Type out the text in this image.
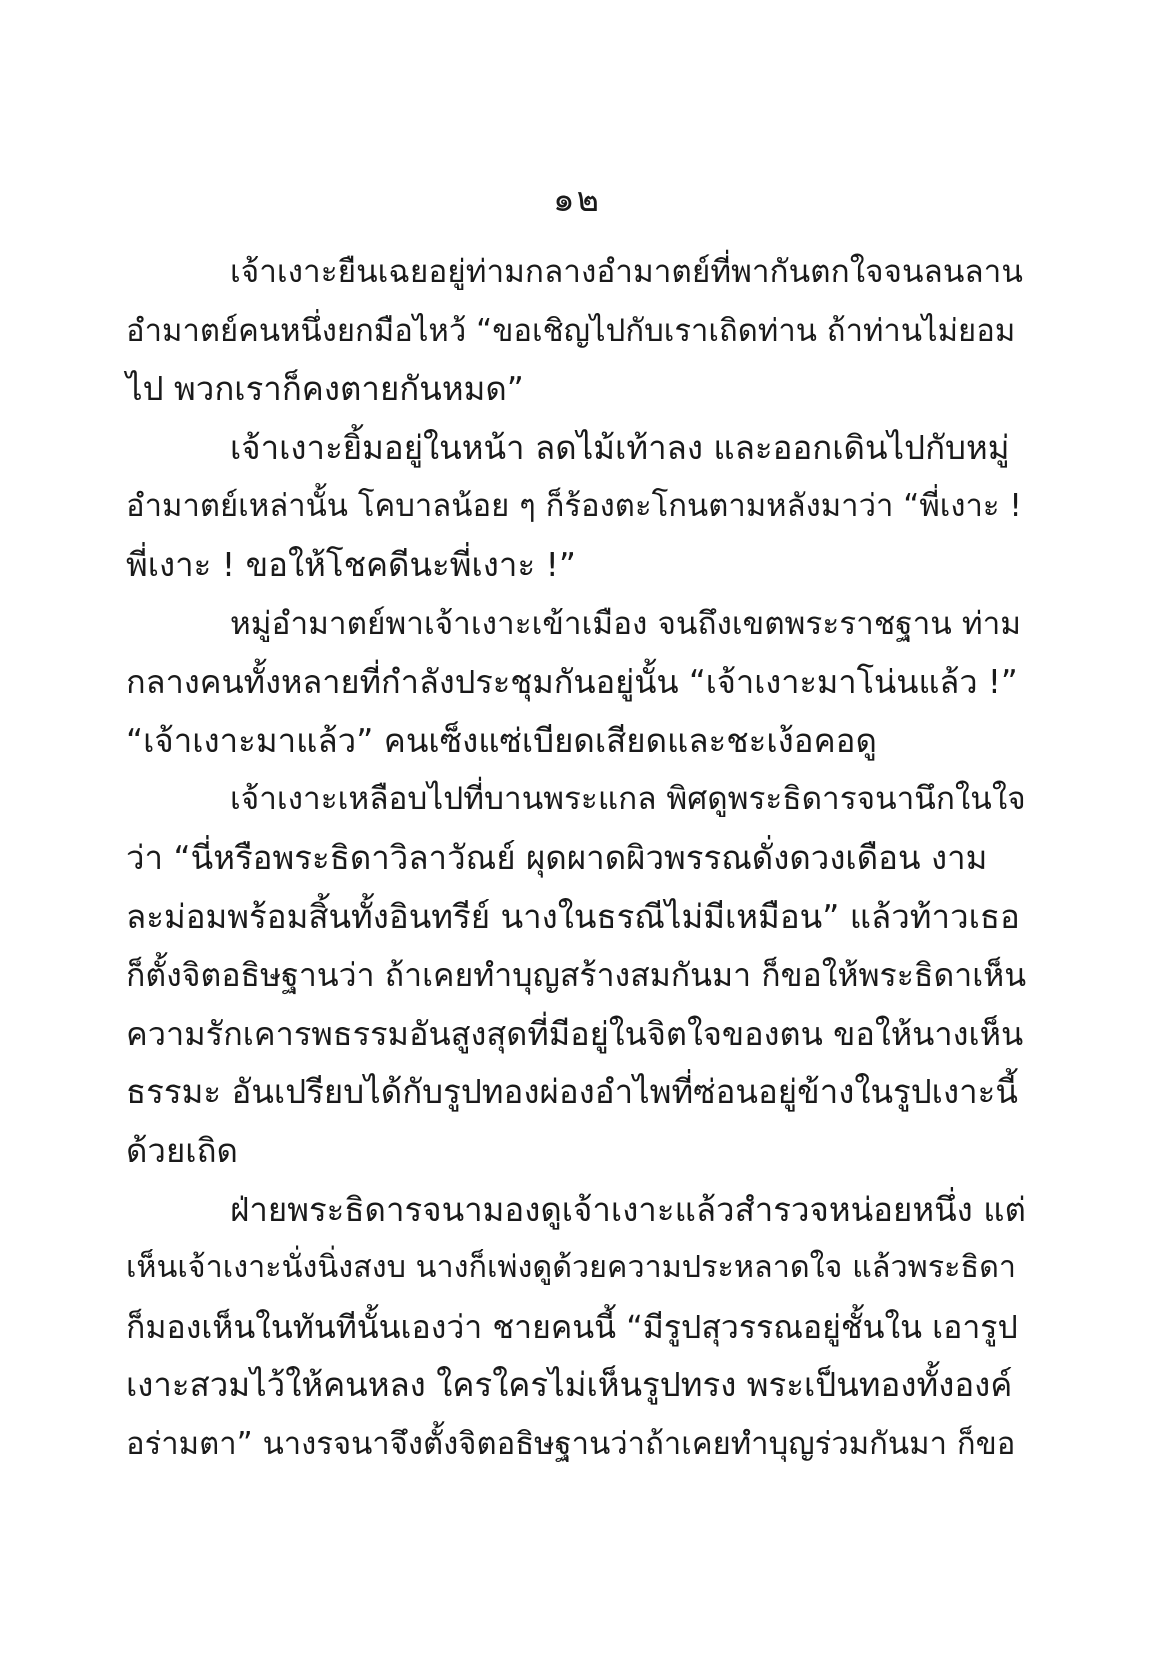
๑๒
เจ้าเงาะยืนเฉยอยู่ท่ามกลางอำมาตย์ที่พากันตกใจจนลนลาน
อำมาตย์คนหนึ่งยกมือไหว้ “ขอเชิญไปกับเราเถิดท่าน ถ้าท่านไม่ยอม
ไป พวกเราก็คงตายกันหมด”
เจ้าเงาะยิ้มอยู่ในหน้า ลดไม้เท้าลง และออกเดินไปกับหมู่
อำมาตย์เหล่านั้น โคบาลน้อย ๆ ก็ร้องตะโกนตามหลังมาว่า “พี่เงาะ !
พี่เงาะ ! ขอให้โชคดีนะพี่เงาะ !”
หมู่อำมาตย์พาเจ้าเงาะเข้าเมือง จนถึงเขตพระราชฐาน ท่าม
กลางคนทั้งหลายที่กำลังประชุมกันอยู่นั้น “เจ้าเงาะมาโน่นแล้ว !”
“เจ้าเงาะมาแล้ว” คนเซ็งแซ่เบียดเสียดและชะเง้อคอดู
เจ้าเงาะเหลือบไปที่บานพระแกล พิศดูพระธิดารจนานึกในใจ
ว่า “นี่หรือพระธิดาวิลาวัณย์ ผุดผาดผิวพรรณดั่งดวงเดือน งาม
ละม่อมพร้อมสิ้นทั้งอินทรีย์ นางในธรณีไม่มีเหมือน” แล้วท้าวเธอ
ก็ตั้งจิตอธิษฐานว่า ถ้าเคยทำบุญสร้างสมกันมา ก็ขอให้พระธิดาเห็น
ความรักเคารพธรรมอันสูงสุดที่มีอยู่ในจิตใจของตน ขอให้นางเห็น
ธรรมะ อันเปรียบได้กับรูปทองผ่องอำไพที่ซ่อนอยู่ข้างในรูปเงาะนี้
ด้วยเถิด
ฝ่ายพระธิดารจนามองดูเจ้าเงาะแล้วสำรวจหน่อยหนึ่ง แต่
เห็นเจ้าเงาะนั่งนิ่งสงบ นางก็เพ่งดูด้วยความประหลาดใจ แล้วพระธิดา
ก็มองเห็นในทันทีนั้นเองว่า ชายคนนี้ “มีรูปสุวรรณอยู่ชั้นใน เอารูป
เงาะสวมไว้ให้คนหลง ใครใครไม่เห็นรูปทรง พระเป็นทองทั้งองค์
อร่ามตา” นางรจนาจึงตั้งจิตอธิษฐานว่าถ้าเคยทำบุญร่วมกันมา ก็ขอ
